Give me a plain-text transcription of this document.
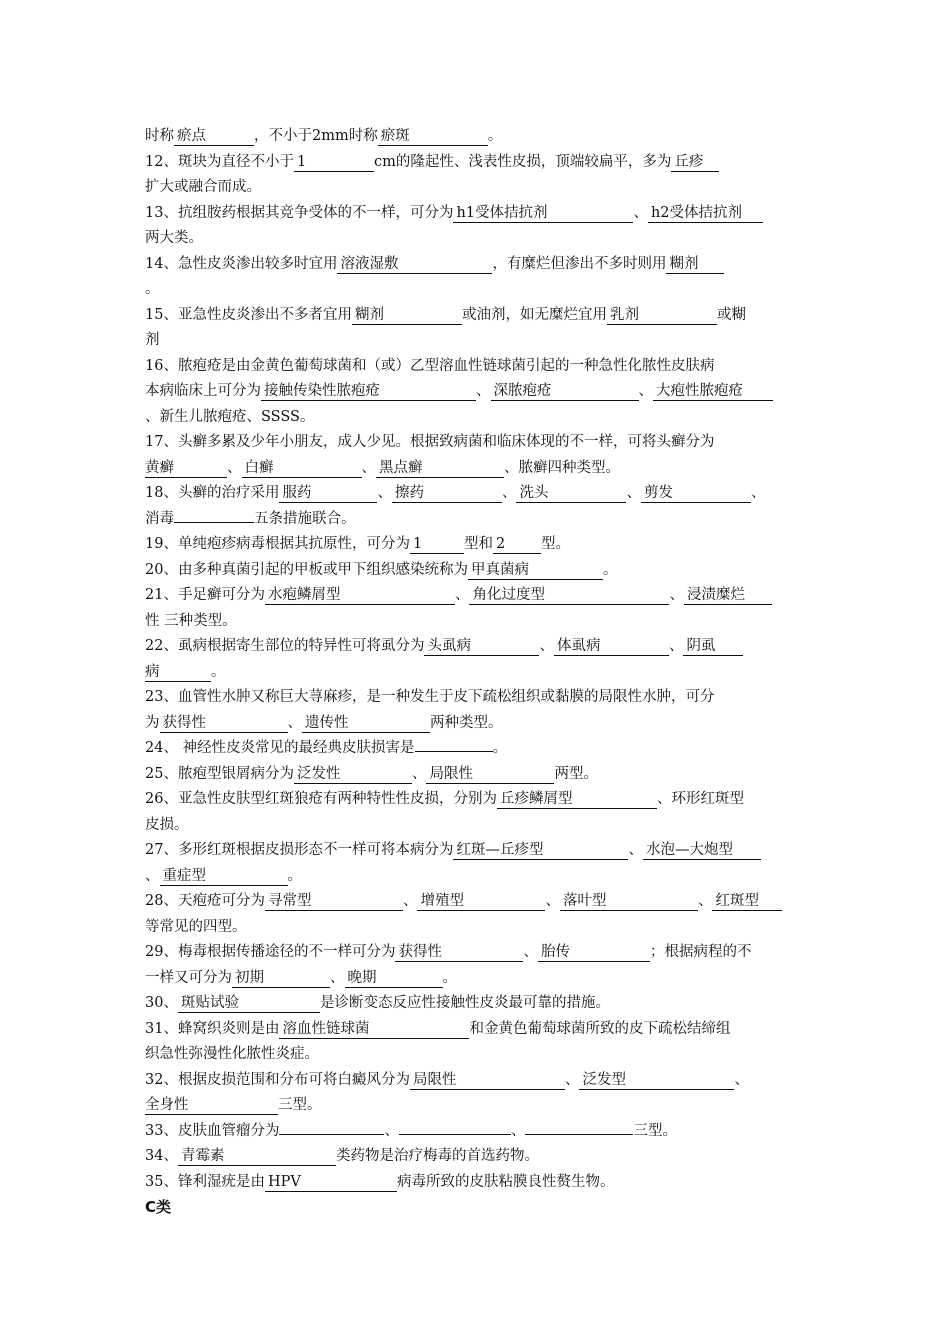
时称 瘀点	，不小于2mm时称 瘀斑	。
12、斑块为直径不小于 1	cm的隆起性、浅表性皮损，顶端较扁平，多为 丘疹
扩大或融合而成。
13、抗组胺药根据其竞争受体的不一样，可分为 h1受体拮抗剂	、 h2受体拮抗剂
两大类。
14、急性皮炎渗出较多时宜用 溶液湿敷	，有糜烂但渗出不多时则用 糊剂
。
15、亚急性皮炎渗出不多者宜用 糊剂	或油剂，如无糜烂宜用 乳剂	或糊
剂
16、脓疱疮是由金黄色葡萄球菌和（或）乙型溶血性链球菌引起的一种急性化脓性皮肤病
本病临床上可分为 接触传染性脓疱疮	、 深脓疱疮	、 大疱性脓疱疮
、新生儿脓疱疮、SSSS。
17、头癣多累及少年小朋友，成人少见。根据致病菌和临床体现的不一样，可将头癣分为
黄癣	、 白癣	、 黑点癣	、脓癣四种类型。
18、头癣的治疗采用 服药	、 擦药	、 洗头	、 剪发	、
消毒	五条措施联合。
19、单纯疱疹病毒根据其抗原性，可分为 1	型和 2 型。
20、由多种真菌引起的甲板或甲下组织感染统称为 甲真菌病	。
21、手足癣可分为 水疱鳞屑型	、 角化过度型	、 浸渍糜烂
性 三种类型。
22、虱病根据寄生部位的特异性可将虱分为 头虱病	、 体虱病	、 阴虱
病	。
23、血管性水肿又称巨大荨麻疹，是一种发生于皮下疏松组织或黏膜的局限性水肿，可分
为 获得性	、 遗传性	两种类型。
24、 神经性皮炎常见的最经典皮肤损害是	。
25、脓疱型银屑病分为 泛发性	、 局限性	两型。
26、亚急性皮肤型红斑狼疮有两种特性性皮损，分别为 丘疹鳞屑型	、环形红斑型
皮损。
27、多形红斑根据皮损形态不一样可将本病分为 红斑—丘疹型	、 水泡—大炮型
、 重症型	。
28、天疱疮可分为 寻常型	、 增殖型	、 落叶型	、 红斑型
等常见的四型。
29、梅毒根据传播途径的不一样可分为 获得性	、 胎传	；根据病程的不
一样又可分为 初期	、 晚期	。
30、 斑贴试验	是诊断变态反应性接触性皮炎最可靠的措施。
31、蜂窝织炎则是由 溶血性链球菌	和金黄色葡萄球菌所致的皮下疏松结缔组
织急性弥漫性化脓性炎症。
32、根据皮损范围和分布可将白癜风分为 局限性	、 泛发型	、
全身性	三型。
33、皮肤血管瘤分为	、	、	三型。
34、 青霉素	类药物是治疗梅毒的首选药物。
35、锋利湿疣是由 HPV	病毒所致的皮肤粘膜良性赘生物。
C类
